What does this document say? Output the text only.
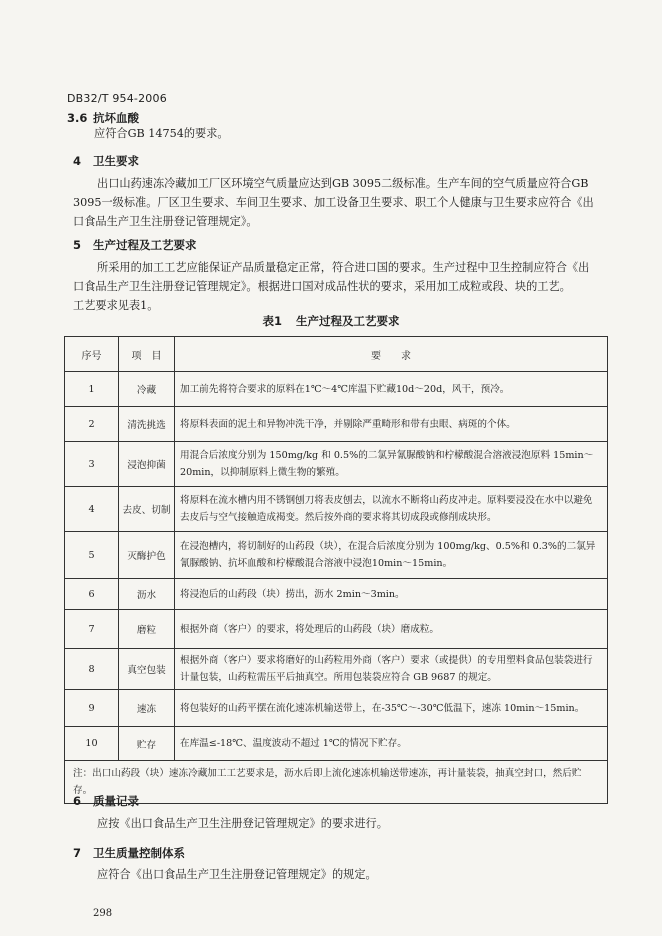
DB32/T 954-2006
3.6 抗坏血酸
应符合GB 14754的要求。
4 卫生要求
出口山药速冻冷藏加工厂区环境空气质量应达到GB 3095二级标准。生产车间的空气质量应符合GB
3095一级标准。厂区卫生要求、车间卫生要求、加工设备卫生要求、职工个人健康与卫生要求应符合《出
口食品生产卫生注册登记管理规定》。
5 生产过程及工艺要求
所采用的加工工艺应能保证产品质量稳定正常，符合进口国的要求。生产过程中卫生控制应符合《出
口食品生产卫生注册登记管理规定》。根据进口国对成品性状的要求，采用加工成粒或段、块的工艺。
工艺要求见表1。
表1 生产过程及工艺要求
序号	项　目	要　　求
1	冷藏	加工前先将符合要求的原料在1℃～4℃库温下贮藏10d～20d，风干，预冷。
2	清洗挑选	将原料表面的泥土和异物冲洗干净，并剔除严重畸形和带有虫眼、病斑的个体。
3	浸泡抑菌	用混合后浓度分别为 150mg/kg 和 0.5%的二氯异氰脲酸钠和柠檬酸混合溶液浸泡原料 15min～20min，以抑制原料上微生物的繁殖。
4	去皮、切制	将原料在流水槽内用不锈钢刨刀将表皮刨去，以流水不断将山药皮冲走。原料要浸没在水中以避免去皮后与空气接触造成褐变。然后按外商的要求将其切成段或修削成块形。
5	灭酶护色	在浸泡槽内，将切制好的山药段（块），在混合后浓度分别为 100mg/kg、0.5%和 0.3%的二氯异氰脲酸钠、抗坏血酸和柠檬酸混合溶液中浸泡10min～15min。
6	沥水	将浸泡后的山药段（块）捞出，沥水 2min～3min。
7	磨粒	根据外商（客户）的要求，将处理后的山药段（块）磨成粒。
8	真空包装	根据外商（客户）要求将磨好的山药粒用外商（客户）要求（或提供）的专用塑料食品包装袋进行计量包装，山药粒需压平后抽真空。所用包装袋应符合 GB 9687 的规定。
9	速冻	将包装好的山药平摆在流化速冻机输送带上，在-35℃～-30℃低温下，速冻 10min～15min。
10	贮存	在库温≤-18℃、温度波动不超过 1℃的情况下贮存。
注：出口山药段（块）速冻冷藏加工工艺要求是，沥水后即上流化速冻机输送带速冻，再计量装袋，抽真空封口，然后贮存。		
6 质量记录
应按《出口食品生产卫生注册登记管理规定》的要求进行。
7 卫生质量控制体系
应符合《出口食品生产卫生注册登记管理规定》的规定。
298
